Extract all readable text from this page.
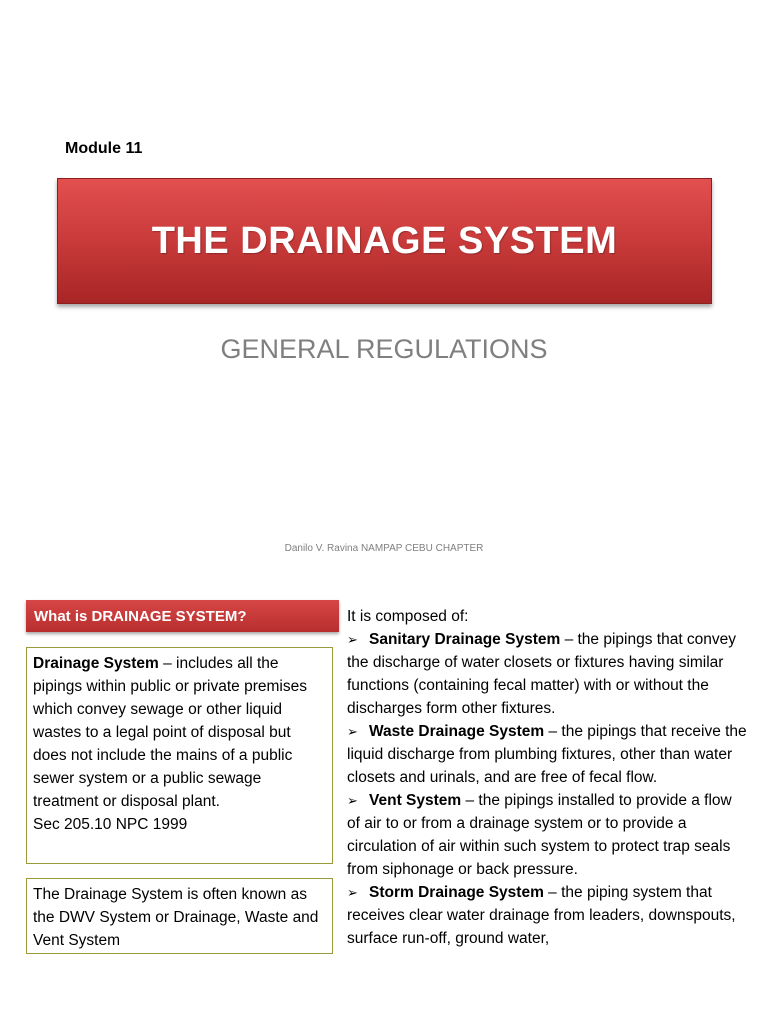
Module 11
THE DRAINAGE SYSTEM
GENERAL REGULATIONS
Danilo V. Ravina NAMPAP CEBU CHAPTER
What is DRAINAGE SYSTEM?
Drainage System – includes all the pipings within public or private premises which convey sewage or other liquid wastes to a legal point of disposal but does not include the mains of a public sewer system or a public sewage treatment or disposal plant.
Sec 205.10 NPC 1999
The Drainage System is often known as the DWV System or Drainage, Waste and Vent System

It is composed of:

➢ Sanitary Drainage System – the pipings that convey the discharge of water closets or fixtures having similar functions (containing fecal matter) with or without the discharges form other fixtures.

➢ Waste Drainage System – the pipings that receive the liquid discharge from plumbing fixtures, other than water closets and urinals, and are free of fecal flow.

➢ Vent System – the pipings installed to provide a flow of air to or from a drainage system or to provide a circulation of air within such system to protect trap seals from siphonage or back pressure.

➢ Storm Drainage System – the piping system that receives clear water drainage from leaders, downspouts, surface run-off, ground water,
